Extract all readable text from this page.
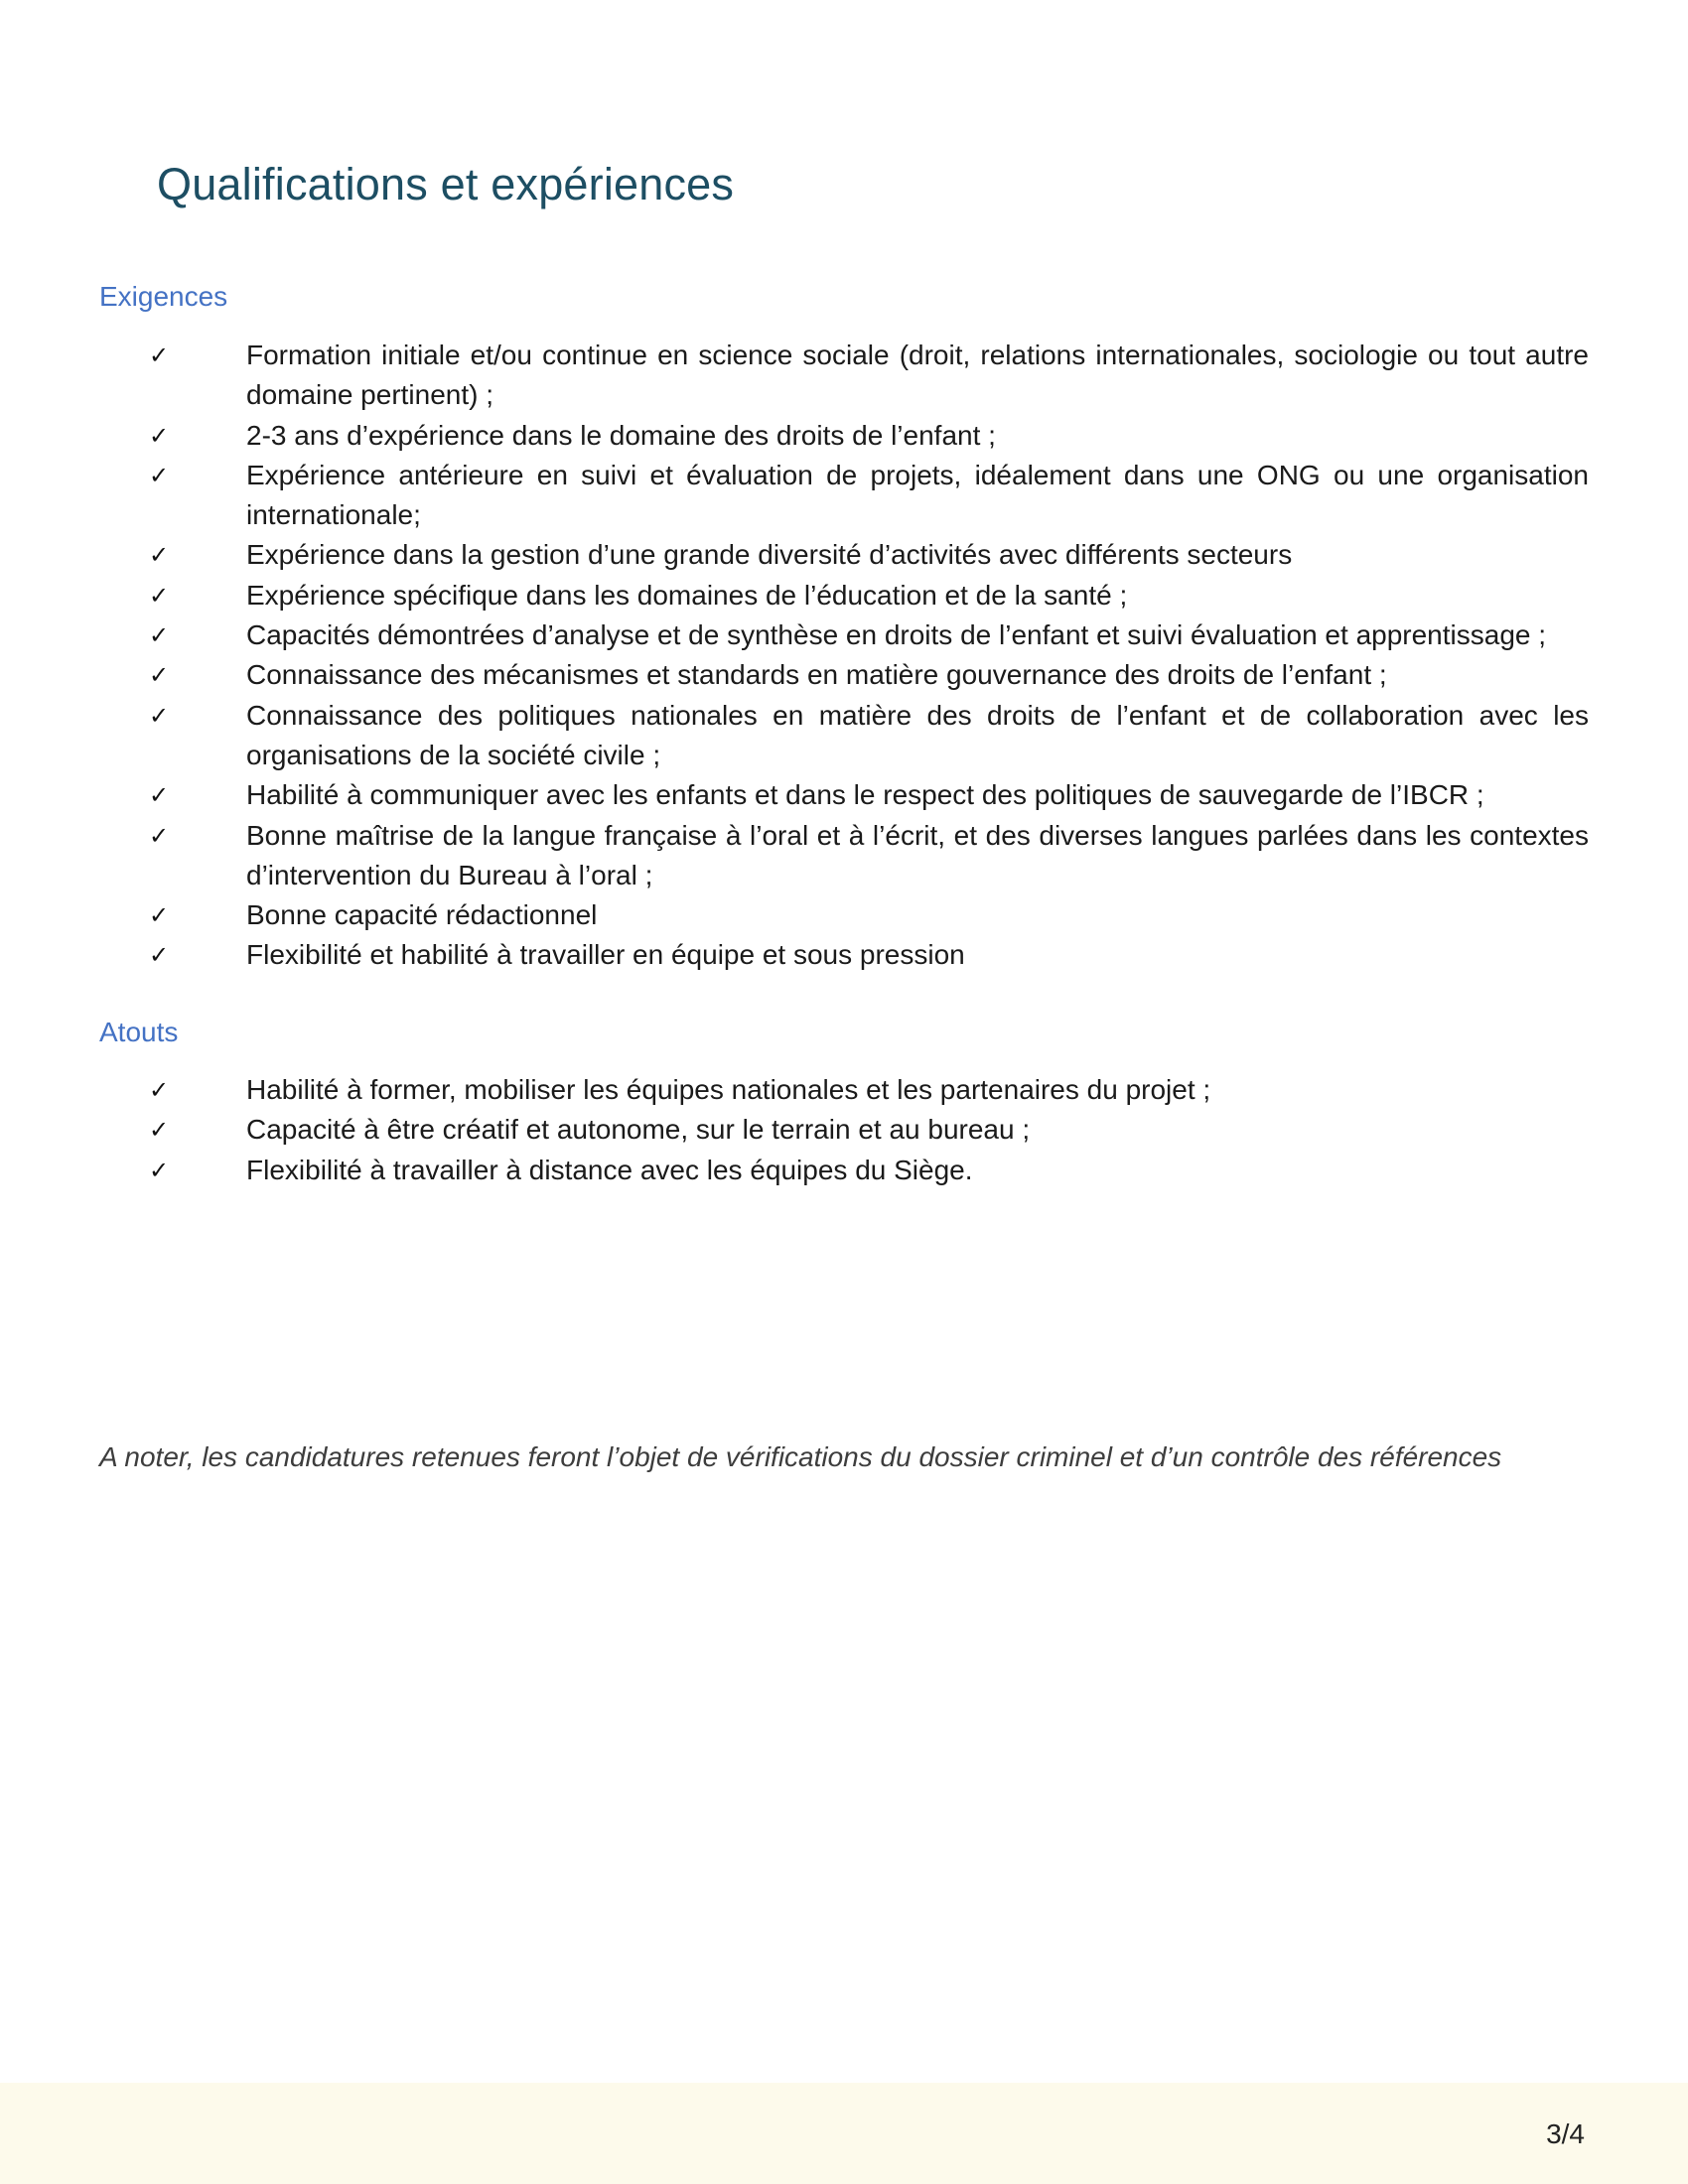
Qualifications et expériences
Exigences
✓	Formation initiale et/ou continue en science sociale (droit, relations internationales, sociologie ou tout autre domaine pertinent) ;
✓	2-3 ans d’expérience dans le domaine des droits de l’enfant ;
✓	Expérience antérieure en suivi et évaluation de projets, idéalement dans une ONG ou une organisation internationale;
✓	Expérience dans la gestion d’une grande diversité d’activités avec différents secteurs
✓	Expérience spécifique dans les domaines de l’éducation et de la santé ;
✓	Capacités démontrées d’analyse et de synthèse en droits de l’enfant et suivi évaluation et apprentissage ;
✓	Connaissance des mécanismes et standards en matière gouvernance des droits de l’enfant ;
✓	Connaissance des politiques nationales en matière des droits de l’enfant et de collaboration avec les organisations de la société civile ;
✓	Habilité à communiquer avec les enfants et dans le respect des politiques de sauvegarde de l’IBCR ;
✓	Bonne maîtrise de la langue française à l’oral et à l’écrit, et des diverses langues parlées dans les contextes d’intervention du Bureau à l’oral ;
✓	Bonne capacité rédactionnel
✓	Flexibilité et habilité à travailler en équipe et sous pression
Atouts
✓	Habilité à former, mobiliser les équipes nationales et les partenaires du projet ;
✓	Capacité à être créatif et autonome, sur le terrain et au bureau ;
✓	Flexibilité à travailler à distance avec les équipes du Siège.

A noter, les candidatures retenues feront l’objet de vérifications du dossier criminel et d’un contrôle des références

3/4
